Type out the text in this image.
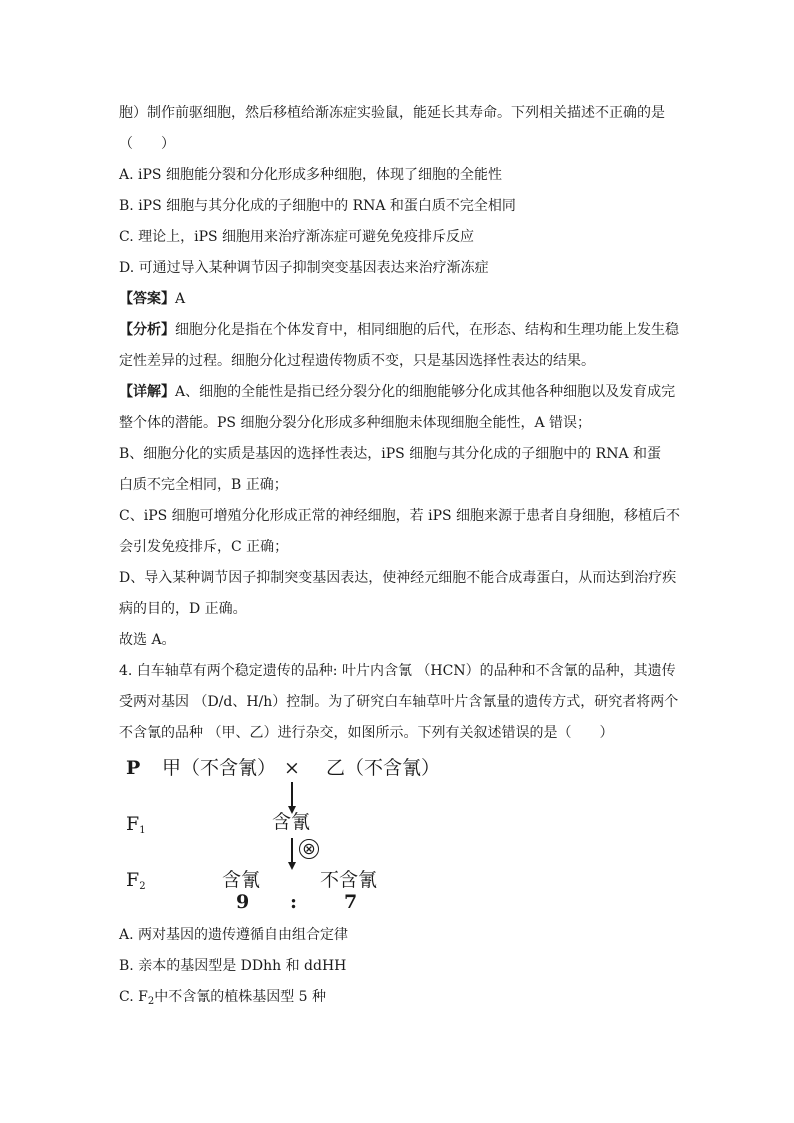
胞）制作前驱细胞，然后移植给渐冻症实验鼠，能延长其寿命。下列相关描述不正确的是
（　　）
A. iPS 细胞能分裂和分化形成多种细胞，体现了细胞的全能性
B. iPS 细胞与其分化成的子细胞中的 RNA 和蛋白质不完全相同
C. 理论上，iPS 细胞用来治疗渐冻症可避免免疫排斥反应
D. 可通过导入某种调节因子抑制突变基因表达来治疗渐冻症
【答案】A
【分析】细胞分化是指在个体发育中，相同细胞的后代，在形态、结构和生理功能上发生稳
定性差异的过程。细胞分化过程遗传物质不变，只是基因选择性表达的结果。
【详解】A、细胞的全能性是指已经分裂分化的细胞能够分化成其他各种细胞以及发育成完
整个体的潜能。PS 细胞分裂分化形成多种细胞未体现细胞全能性，A 错误；
B、细胞分化的实质是基因的选择性表达，iPS 细胞与其分化成的子细胞中的 RNA 和蛋
白质不完全相同，B 正确；
C、iPS 细胞可增殖分化形成正常的神经细胞，若 iPS 细胞来源于患者自身细胞，移植后不
会引发免疫排斥，C 正确；
D、导入某种调节因子抑制突变基因表达，使神经元细胞不能合成毒蛋白，从而达到治疗疾
病的目的，D 正确。
故选 A。
4. 白车轴草有两个稳定遗传的品种: 叶片内含氰 （HCN）的品种和不含氰的品种，其遗传
受两对基因 （D/d、H/h）控制。为了研究白车轴草叶片含氰量的遗传方式，研究者将两个
不含氰的品种 （甲、乙）进行杂交，如图所示。下列有关叙述错误的是（　　）
P 甲（不含氰） × 乙（不含氰）
$F_1$	含氰
⊗
$F_2$	含氰	不含氰
9 : 7
A. 两对基因的遗传遵循自由组合定律
B. 亲本的基因型是 DDhh 和 ddHH
C. $F_2$中不含氰的植株基因型 5 种
